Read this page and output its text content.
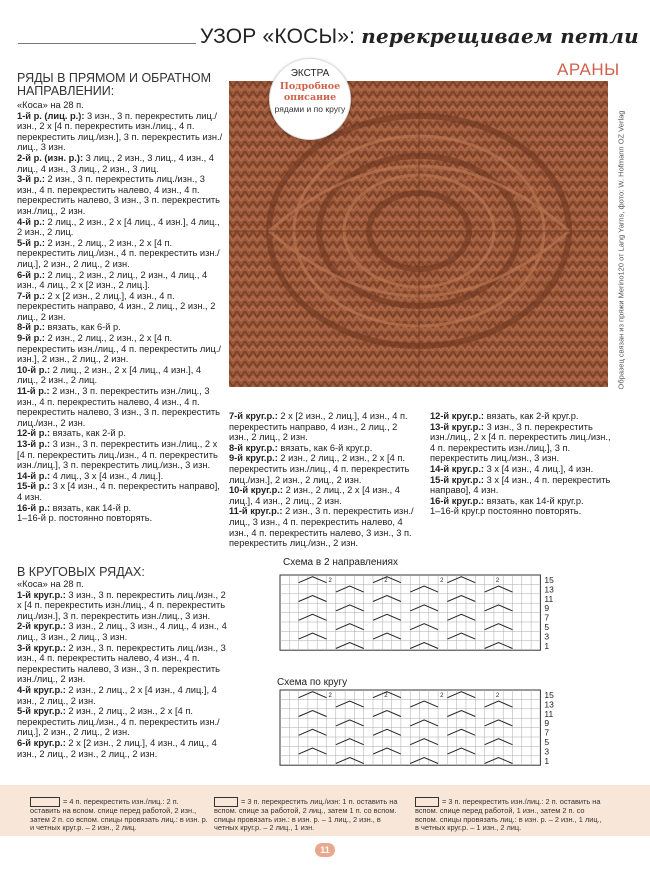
УЗОР «КОСЫ»: перекрещиваем петли
АРАНЫ
ЭКСТРА
Подробное описание
рядами и по кругу
Образец связан из пряжи Merino120 от Lang Yarns, фото: W. Hofmann OZ Verlag
РЯДЫ В ПРЯМОМ И ОБРАТНОМ НАПРАВЛЕНИИ:

«Коса» на 28 п.

1-й р. (лиц. р.): 3 изн., 3 п. перекрестить лиц./изн., 2 x [4 п. перекрестить изн./лиц., 4 п. перекрестить лиц./изн.], 3 п. перекрестить изн./лиц., 3 изн.

2-й р. (изн. р.): 3 лиц., 2 изн., 3 лиц., 4 изн., 4 лиц., 4 изн., 3 лиц., 2 изн., 3 лиц.

3-й р.: 2 изн., 3 п. перекрестить лиц./изн., 3 изн., 4 п. перекрестить налево, 4 изн., 4 п. перекрестить налево, 3 изн., 3 п. перекрестить изн./лиц., 2 изн.

4-й р.: 2 лиц., 2 изн., 2 x [4 лиц., 4 изн.], 4 лиц., 2 изн., 2 лиц.

5-й р.: 2 изн., 2 лиц., 2 изн., 2 x [4 п. перекрестить лиц./изн., 4 п. перекрестить изн./лиц.], 2 изн., 2 лиц., 2 изн.

6-й р.: 2 лиц., 2 изн., 2 лиц., 2 изн., 4 лиц., 4 изн., 4 лиц., 2 x [2 изн., 2 лиц.].

7-й р.: 2 x [2 изн., 2 лиц.], 4 изн., 4 п. перекрестить направо, 4 изн., 2 лиц., 2 изн., 2 лиц., 2 изн.

8-й р.: вязать, как 6-й р.

9-й р.: 2 изн., 2 лиц., 2 изн., 2 x [4 п. перекрестить изн./лиц., 4 п. перекрестить лиц./изн.], 2 изн., 2 лиц., 2 изн.

10-й р.: 2 лиц., 2 изн., 2 x [4 лиц., 4 изн.], 4 лиц., 2 изн., 2 лиц.

11-й р.: 2 изн., 3 п. перекрестить изн./лиц., 3 изн., 4 п. перекрестить налево, 4 изн., 4 п. перекрестить налево, 3 изн., 3 п. перекрестить лиц./изн., 2 изн.

12-й р.: вязать, как 2-й р.

13-й р.: 3 изн., 3 п. перекрестить изн./лиц., 2 x [4 п. перекрестить лиц./изн., 4 п. перекрестить изн./лиц.], 3 п. перекрестить лиц./изн., 3 изн.

14-й р.: 4 лиц., 3 x [4 изн., 4 лиц.].

15-й р.: 3 x [4 изн., 4 п. перекрестить направо], 4 изн.

16-й р.: вязать, как 14-й р.

1–16-й р. постоянно повторять.

В КРУГОВЫХ РЯДАХ:

«Коса» на 28 п.

1-й круг.р.: 3 изн., 3 п. перекрестить лиц./изн., 2 x [4 п. перекрестить изн./лиц., 4 п. перекрестить лиц./изн.], 3 п. перекрестить изн./лиц., 3 изн.

2-й круг.р.: 3 изн., 2 лиц., 3 изн., 4 лиц., 4 изн., 4 лиц., 3 изн., 2 лиц., 3 изн.

3-й круг.р.: 2 изн., 3 п. перекрестить лиц./изн., 3 изн., 4 п. перекрестить налево, 4 изн., 4 п. перекрестить налево, 3 изн., 3 п. перекрестить изн./лиц., 2 изн.

4-й круг.р.: 2 изн., 2 лиц., 2 x [4 изн., 4 лиц.], 4 изн., 2 лиц., 2 изн.

5-й круг.р.: 2 изн., 2 лиц., 2 изн., 2 x [4 п. перекрестить лиц./изн., 4 п. перекрестить изн./лиц.], 2 изн., 2 лиц., 2 изн.

6-й круг.р.: 2 x [2 изн., 2 лиц.], 4 изн., 4 лиц., 4 изн., 2 лиц., 2 изн., 2 лиц., 2 изн.

7-й круг.р.: 2 x [2 изн., 2 лиц.], 4 изн., 4 п. перекрестить направо, 4 изн., 2 лиц., 2 изн., 2 лиц., 2 изн.

8-й круг.р.: вязать, как 6-й круг.р.

9-й круг.р.: 2 изн., 2 лиц., 2 изн., 2 x [4 п. перекрестить изн./лиц., 4 п. перекрестить лиц./изн.], 2 изн., 2 лиц., 2 изн.

10-й круг.р.: 2 изн., 2 лиц., 2 x [4 изн., 4 лиц.], 4 изн., 2 лиц., 2 изн.

11-й круг.р.: 2 изн., 3 п. перекрестить изн./лиц., 3 изн., 4 п. перекрестить налево, 4 изн., 4 п. перекрестить налево, 3 изн., 3 п. перекрестить лиц./изн., 2 изн.

12-й круг.р.: вязать, как 2-й круг.р.

13-й круг.р.: 3 изн., 3 п. перекрестить изн./лиц., 2 x [4 п. перекрестить лиц./изн., 4 п. перекрестить изн./лиц.], 3 п. перекрестить лиц./изн., 3 изн.

14-й круг.р.: 3 x [4 изн., 4 лиц.], 4 изн.

15-й круг.р.: 3 x [4 изн., 4 п. перекрестить направо], 4 изн.

16-й круг.р.: вязать, как 14-й круг.р.

1–16-й круг.р постоянно повторять.

Схема в 2 направлениях
2	2	2	2	15
13
11
9
7
5
3
1
Схема по кругу
2	2	2	2	15
13
11
9
7
5
3
1
= 4 п. перекрестить изн./лиц.: 2 п. оставить на вспом. спице перед работой, 2 изн., затем 2 п. со вспом. спицы провязать лиц.: в изн. р. и четных круг.р. – 2 изн., 2 лиц.
= 3 п. перекрестить лиц./изн: 1 п. оставить на вспом. спице за работой, 2 лиц., затем 1 п. со вспом. спицы провязать изн.: в изн. р. – 1 лиц., 2 изн., в четных круг.р. – 2 лиц., 1 изн.
= 3 п. перекрестить изн./лиц.: 2 п. оставить на вспом. спице перед работой, 1 изн., затем 2 п. со вспом. спицы провязать лиц.: в изн. р. – 2 изн., 1 лиц., в четных круг.р. – 1 изн., 2 лиц.
11
